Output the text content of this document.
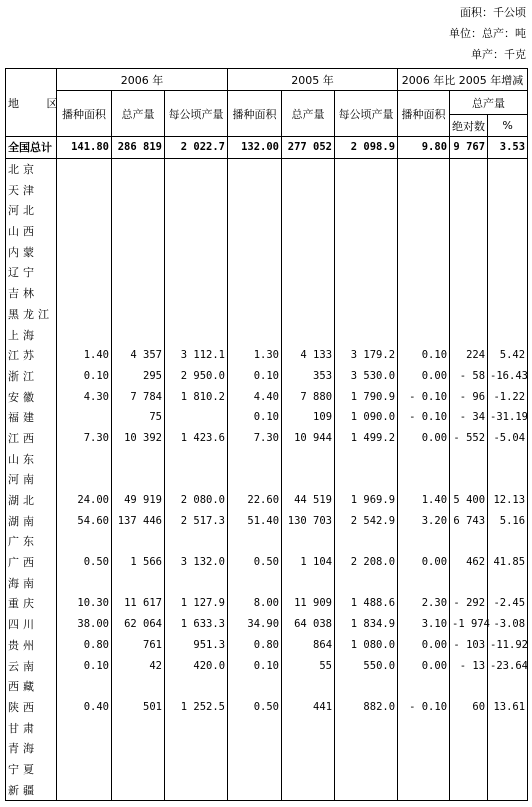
面积：千公顷
单位：总产：吨
单产：千克
地 区	2006 年			2005 年			2006 年比 2005 年增减		
	播种面积	总产量	每公顷产量	播种面积	总产量	每公顷产量	播种面积	总产量	
								绝对数	%
全国总计	141.80	286 819	2 022.7	132.00	277 052	2 098.9	9.80	9 767	3.53
北京									
天津									
河北									
山西									
内蒙									
辽宁									
吉林									
黑龙江									
上海									
江苏	1.40	4 357	3 112.1	1.30	4 133	3 179.2	0.10	224	5.42
浙江	0.10	295	2 950.0	0.10	353	3 530.0	0.00	- 58	-16.43
安徽	4.30	7 784	1 810.2	4.40	7 880	1 790.9	- 0.10	- 96	-1.22
福建		75		0.10	109	1 090.0	- 0.10	- 34	-31.19
江西	7.30	10 392	1 423.6	7.30	10 944	1 499.2	0.00	- 552	-5.04
山东									
河南									
湖北	24.00	49 919	2 080.0	22.60	44 519	1 969.9	1.40	5 400	12.13
湖南	54.60	137 446	2 517.3	51.40	130 703	2 542.9	3.20	6 743	5.16
广东									
广西	0.50	1 566	3 132.0	0.50	1 104	2 208.0	0.00	462	41.85
海南									
重庆	10.30	11 617	1 127.9	8.00	11 909	1 488.6	2.30	- 292	-2.45
四川	38.00	62 064	1 633.3	34.90	64 038	1 834.9	3.10	-1 974	-3.08
贵州	0.80	761	951.3	0.80	864	1 080.0	0.00	- 103	-11.92
云南	0.10	42	420.0	0.10	55	550.0	0.00	- 13	-23.64
西藏									
陕西	0.40	501	1 252.5	0.50	441	882.0	- 0.10	60	13.61
甘肃									
青海									
宁夏									
新疆									
